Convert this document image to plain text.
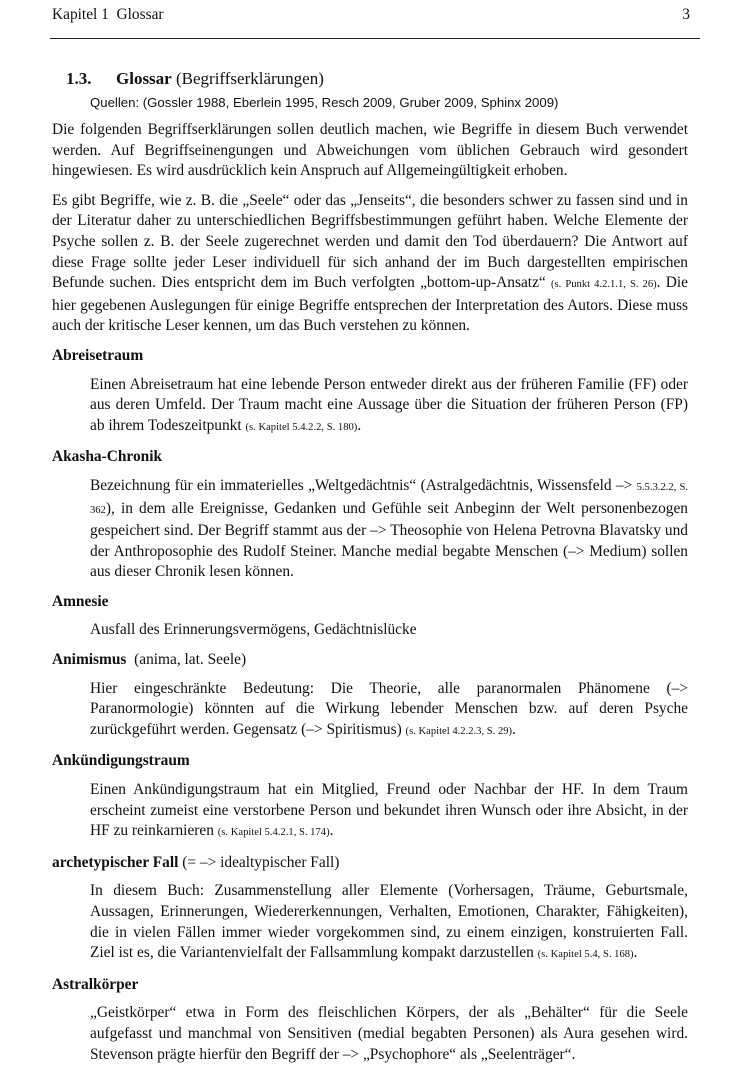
Kapitel 1  Glossar	3
1.3. Glossar (Begriffserklärungen)
Quellen: (Gossler 1988, Eberlein 1995, Resch 2009, Gruber 2009, Sphinx 2009)

Die folgenden Begriffserklärungen sollen deutlich machen, wie Begriffe in diesem Buch verwendet werden. Auf Begriffseinengungen und Abweichungen vom üblichen Gebrauch wird gesondert hingewiesen. Es wird ausdrücklich kein Anspruch auf Allgemeingültigkeit erhoben.

Es gibt Begriffe, wie z. B. die „Seele“ oder das „Jenseits“, die besonders schwer zu fassen sind und in der Literatur daher zu unterschiedlichen Begriffsbestimmungen geführt haben. Welche Elemente der Psyche sollen z. B. der Seele zugerechnet werden und damit den Tod überdauern? Die Antwort auf diese Frage sollte jeder Leser individuell für sich anhand der im Buch dargestellten empirischen Befunde suchen. Dies entspricht dem im Buch verfolgten „bottom-up-Ansatz“ (s. Punkt 4.2.1.1, S. 26). Die hier gegebenen Auslegungen für einige Begriffe entsprechen der Interpretation des Autors. Diese muss auch der kritische Leser kennen, um das Buch verstehen zu können.

Abreisetraum

Einen Abreisetraum hat eine lebende Person entweder direkt aus der früheren Familie (FF) oder aus deren Umfeld. Der Traum macht eine Aussage über die Situation der früheren Person (FP) ab ihrem Todeszeitpunkt (s. Kapitel 5.4.2.2, S. 180).

Akasha-Chronik

Bezeichnung für ein immaterielles „Weltgedächtnis“ (Astralgedächtnis, Wissensfeld –> 5.5.3.2.2, S. 362), in dem alle Ereignisse, Gedanken und Gefühle seit Anbeginn der Welt personenbezogen gespeichert sind. Der Begriff stammt aus der –> Theosophie von Helena Petrovna Blavatsky und der Anthroposophie des Rudolf Steiner. Manche medial begabte Menschen (–> Medium) sollen aus dieser Chronik lesen können.

Amnesie

Ausfall des Erinnerungsvermögens, Gedächtnislücke

Animismus (anima, lat. Seele)

Hier eingeschränkte Bedeutung: Die Theorie, alle paranormalen Phänomene (–> Paranormologie) könnten auf die Wirkung lebender Menschen bzw. auf deren Psyche zurückgeführt werden. Gegensatz (–> Spiritismus) (s. Kapitel 4.2.2.3, S. 29).

Ankündigungstraum

Einen Ankündigungstraum hat ein Mitglied, Freund oder Nachbar der HF. In dem Traum erscheint zumeist eine verstorbene Person und bekundet ihren Wunsch oder ihre Absicht, in der HF zu reinkarnieren (s. Kapitel 5.4.2.1, S. 174).

archetypischer Fall (= –> idealtypischer Fall)

In diesem Buch: Zusammenstellung aller Elemente (Vorhersagen, Träume, Geburtsmale, Aussagen, Erinnerungen, Wiedererkennungen, Verhalten, Emotionen, Charakter, Fähigkeiten), die in vielen Fällen immer wieder vorgekommen sind, zu einem einzigen, konstruierten Fall. Ziel ist es, die Variantenvielfalt der Fallsammlung kompakt darzustellen (s. Kapitel 5.4, S. 168).

Astralkörper

„Geistkörper“ etwa in Form des fleischlichen Körpers, der als „Behälter“ für die Seele aufgefasst und manchmal von Sensitiven (medial begabten Personen) als Aura gesehen wird. Stevenson prägte hierfür den Begriff der –> „Psychophore“ als „Seelenträger“.
